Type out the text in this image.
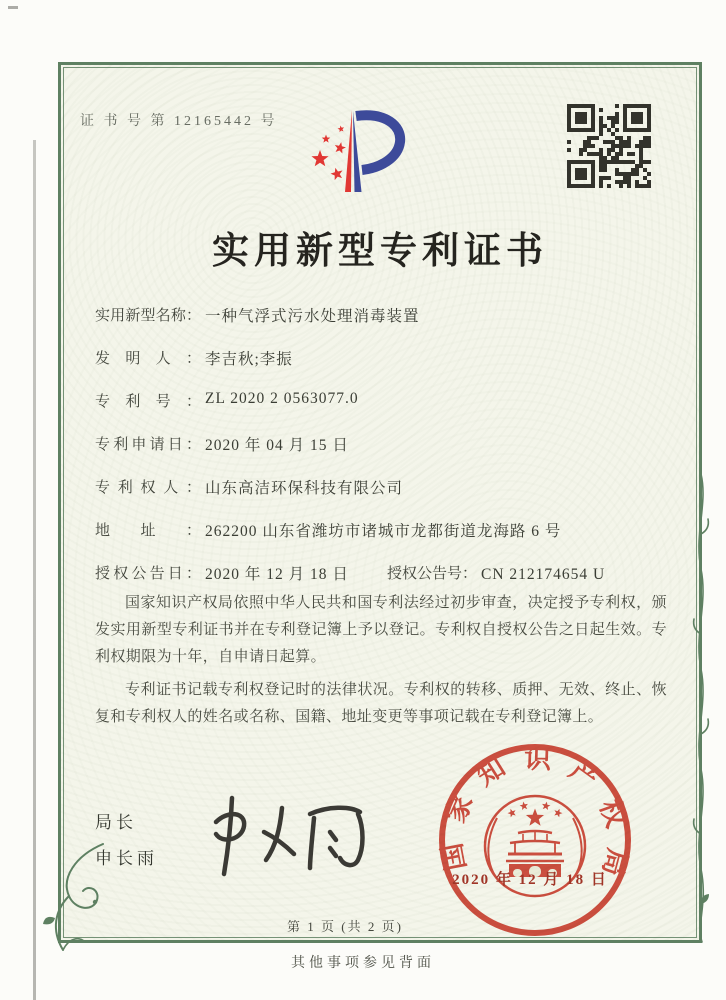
证 书 号 第 12165442 号
实用新型专利证书
实用新型名称： 一种气浮式污水处理消毒装置
发明人： 李吉秋;李振
专利号： ZL 2020 2 0563077.0
专利申请日： 2020 年 04 月 15 日
专利权人： 山东高洁环保科技有限公司
地址： 262200 山东省潍坊市诸城市龙都街道龙海路 6 号
授权公告日： 2020 年 12 月 18 日	授权公告号： CN 212174654 U

国家知识产权局依照中华人民共和国专利法经过初步审查，决定授予专利权，颁发实用新型专利证书并在专利登记簿上予以登记。专利权自授权公告之日起生效。专利权期限为十年，自申请日起算。

专利证书记载专利权登记时的法律状况。专利权的转移、质押、无效、终止、恢复和专利权人的姓名或名称、国籍、地址变更等事项记载在专利登记簿上。

局长
申长雨	国家知识产权局
2020 年 12 月 18 日
第 1 页 (共 2 页)
其他事项参见背面
